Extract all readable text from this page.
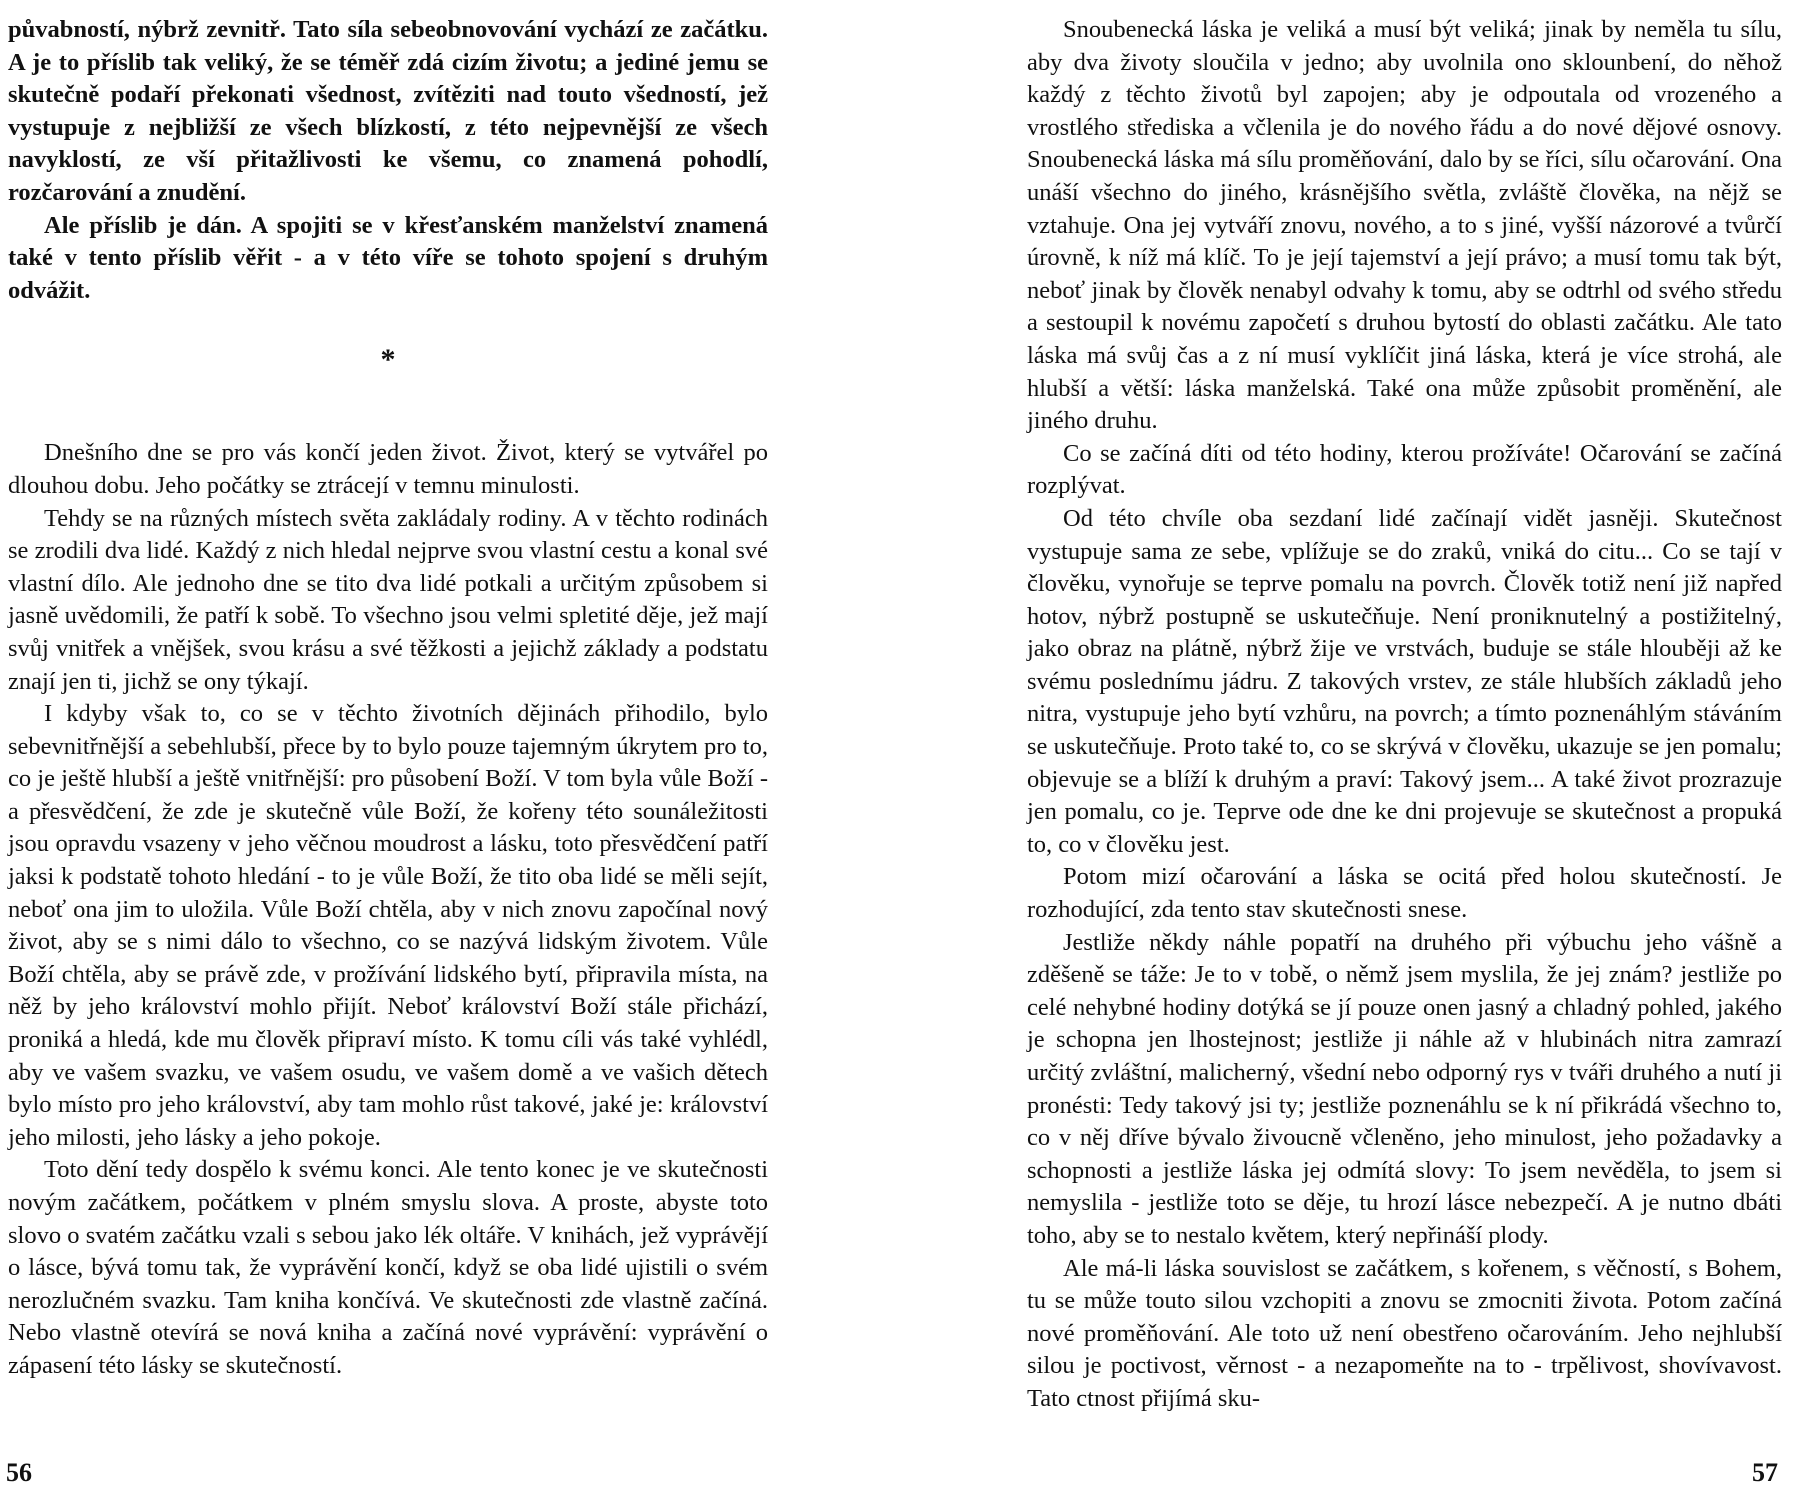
půvabností, nýbrž zevnitř. Tato síla sebeobnovování vychází ze začátku. A je to příslib tak veliký, že se téměř zdá cizím životu; a jediné jemu se skutečně podaří překonati všednost, zvítěziti nad touto všedností, jež vystupuje z nejbližší ze všech blízkostí, z této nejpevnější ze všech navyklostí, ze vší přitažlivosti ke všemu, co znamená pohodlí, rozčarování a znudění.

Ale příslib je dán. A spojiti se v křesťanském manželství znamená také v tento příslib věřit - a v této víře se tohoto spojení s druhým odvážit.

*

Dnešního dne se pro vás končí jeden život. Život, který se vytvářel po dlouhou dobu. Jeho počátky se ztrácejí v temnu minulosti.

Tehdy se na různých místech světa zakládaly rodiny. A v těchto rodinách se zrodili dva lidé. Každý z nich hledal nejprve svou vlastní cestu a konal své vlastní dílo. Ale jednoho dne se tito dva lidé potkali a určitým způsobem si jasně uvědomili, že patří k sobě. To všechno jsou velmi spletité děje, jež mají svůj vnitřek a vnějšek, svou krásu a své těžkosti a jejichž základy a podstatu znají jen ti, jichž se ony týkají.

I kdyby však to, co se v těchto životních dějinách přihodilo, bylo sebevnitřnější a sebehlubší, přece by to bylo pouze tajemným úkrytem pro to, co je ještě hlubší a ještě vnitřnější: pro působení Boží. V tom byla vůle Boží - a přesvědčení, že zde je skutečně vůle Boží, že kořeny této sounáležitosti jsou opravdu vsazeny v jeho věčnou moudrost a lásku, toto přesvědčení patří jaksi k podstatě tohoto hledání - to je vůle Boží, že tito oba lidé se měli sejít, neboť ona jim to uložila. Vůle Boží chtěla, aby v nich znovu započínal nový život, aby se s nimi dálo to všechno, co se nazývá lidským životem. Vůle Boží chtěla, aby se právě zde, v prožívání lidského bytí, připravila místa, na něž by jeho království mohlo přijít. Neboť království Boží stále přichází, proniká a hledá, kde mu člověk připraví místo. K tomu cíli vás také vyhlédl, aby ve vašem svazku, ve vašem osudu, ve vašem domě a ve vašich dětech bylo místo pro jeho království, aby tam mohlo růst takové, jaké je: království jeho milosti, jeho lásky a jeho pokoje.

Toto dění tedy dospělo k svému konci. Ale tento konec je ve skutečnosti novým začátkem, počátkem v plném smyslu slova. A proste, abyste toto slovo o svatém začátku vzali s sebou jako lék oltáře. V knihách, jež vyprávějí o lásce, bývá tomu tak, že vyprávění končí, když se oba lidé ujistili o svém nerozlučném svazku. Tam kniha končívá. Ve skutečnosti zde vlastně začíná. Nebo vlastně otevírá se nová kniha a začíná nové vyprávění: vyprávění o zápasení této lásky se skutečností.

Snoubenecká láska je veliká a musí být veliká; jinak by neměla tu sílu, aby dva životy sloučila v jedno; aby uvolnila ono sklounbení, do něhož každý z těchto životů byl zapojen; aby je odpoutala od vrozeného a vrostlého střediska a včlenila je do nového řádu a do nové dějové osnovy. Snoubenecká láska má sílu proměňování, dalo by se říci, sílu očarování. Ona unáší všechno do jiného, krásnějšího světla, zvláště člověka, na nějž se vztahuje. Ona jej vytváří znovu, nového, a to s jiné, vyšší názorové a tvůrčí úrovně, k níž má klíč. To je její tajemství a její právo; a musí tomu tak být, neboť jinak by člověk nenabyl odvahy k tomu, aby se odtrhl od svého středu a sestoupil k novému započetí s druhou bytostí do oblasti začátku. Ale tato láska má svůj čas a z ní musí vyklíčit jiná láska, která je více strohá, ale hlubší a větší: láska manželská. Také ona může způsobit proměnění, ale jiného druhu.

Co se začíná díti od této hodiny, kterou prožíváte! Očarování se začíná rozplývat.

Od této chvíle oba sezdaní lidé začínají vidět jasněji. Skutečnost vystupuje sama ze sebe, vplížuje se do zraků, vniká do citu... Co se tají v člověku, vynořuje se teprve pomalu na povrch. Člověk totiž není již napřed hotov, nýbrž postupně se uskutečňuje. Není proniknutelný a postižitelný, jako obraz na plátně, nýbrž žije ve vrstvách, buduje se stále hlouběji až ke svému poslednímu jádru. Z takových vrstev, ze stále hlubších základů jeho nitra, vystupuje jeho bytí vzhůru, na povrch; a tímto poznenáhlým stáváním se uskutečňuje. Proto také to, co se skrývá v člověku, ukazuje se jen pomalu; objevuje se a blíží k druhým a praví: Takový jsem... A také život prozrazuje jen pomalu, co je. Teprve ode dne ke dni projevuje se skutečnost a propuká to, co v člověku jest.

Potom mizí očarování a láska se ocitá před holou skutečností. Je rozhodující, zda tento stav skutečnosti snese.

Jestliže někdy náhle popatří na druhého při výbuchu jeho vášně a zděšeně se táže: Je to v tobě, o němž jsem myslila, že jej znám? jestliže po celé nehybné hodiny dotýká se jí pouze onen jasný a chladný pohled, jakého je schopna jen lhostejnost; jestliže ji náhle až v hlubinách nitra zamrazí určitý zvláštní, malicherný, všední nebo odporný rys v tváři druhého a nutí ji pronésti: Tedy takový jsi ty; jestliže poznenáhlu se k ní přikrádá všechno to, co v něj dříve bývalo živoucně včleněno, jeho minulost, jeho požadavky a schopnosti a jestliže láska jej odmítá slovy: To jsem nevěděla, to jsem si nemyslila - jestliže toto se děje, tu hrozí lásce nebezpečí. A je nutno dbáti toho, aby se to nestalo květem, který nepřináší plody.

Ale má-li láska souvislost se začátkem, s kořenem, s věčností, s Bohem, tu se může touto silou vzchopiti a znovu se zmocniti života. Potom začíná nové proměňování. Ale toto už není obestřeno očarováním. Jeho nejhlubší silou je poctivost, věrnost - a nezapomeňte na to - trpělivost, shovívavost. Tato ctnost přijímá sku-

56	57
